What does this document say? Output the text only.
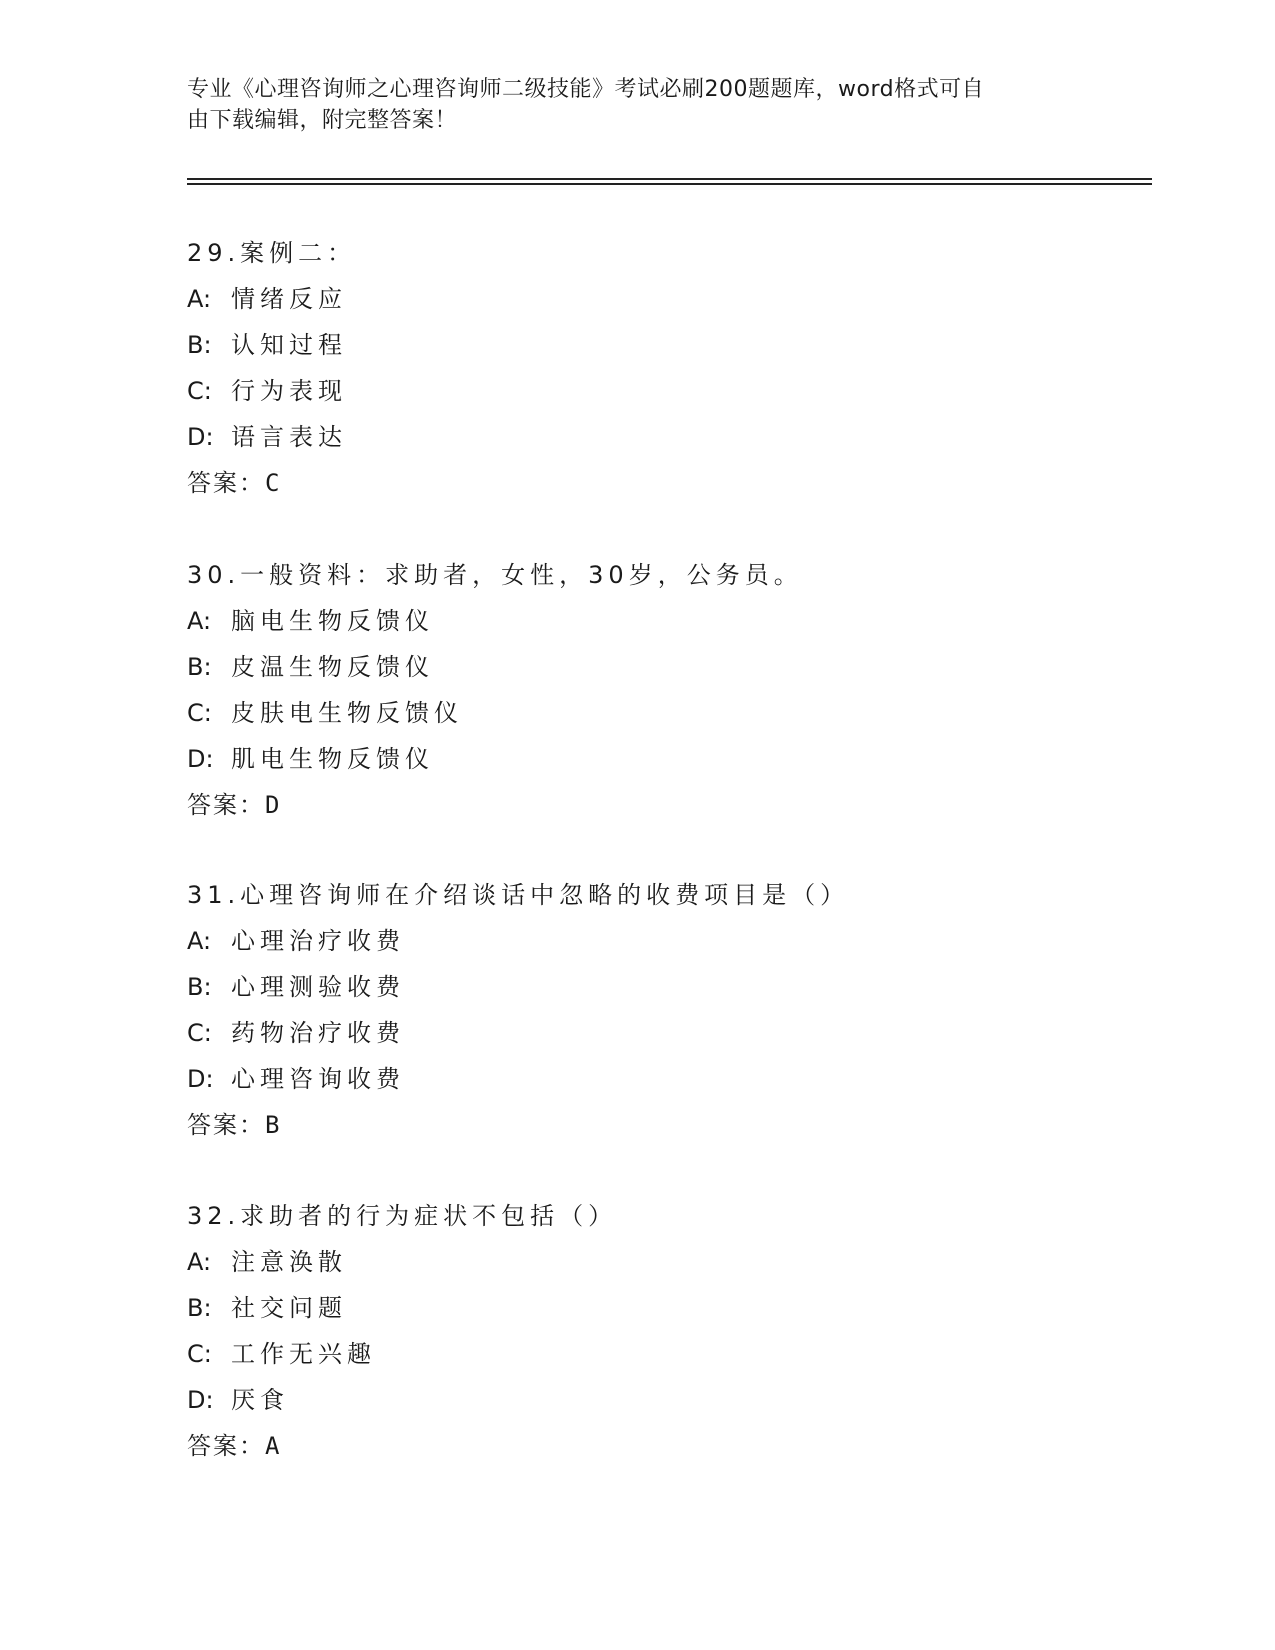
专业《心理咨询师之心理咨询师二级技能》考试必刷200题题库，word格式可自
由下载编辑，附完整答案！
29.案例二：
A: 情绪反应
B: 认知过程
C: 行为表现
D: 语言表达
答案：C
30.一般资料：求助者，女性，30岁，公务员。
A: 脑电生物反馈仪
B: 皮温生物反馈仪
C: 皮肤电生物反馈仪
D: 肌电生物反馈仪
答案：D
31.心理咨询师在介绍谈话中忽略的收费项目是（）
A: 心理治疗收费
B: 心理测验收费
C: 药物治疗收费
D: 心理咨询收费
答案：B
32.求助者的行为症状不包括（）
A: 注意涣散
B: 社交问题
C: 工作无兴趣
D: 厌食
答案：A
